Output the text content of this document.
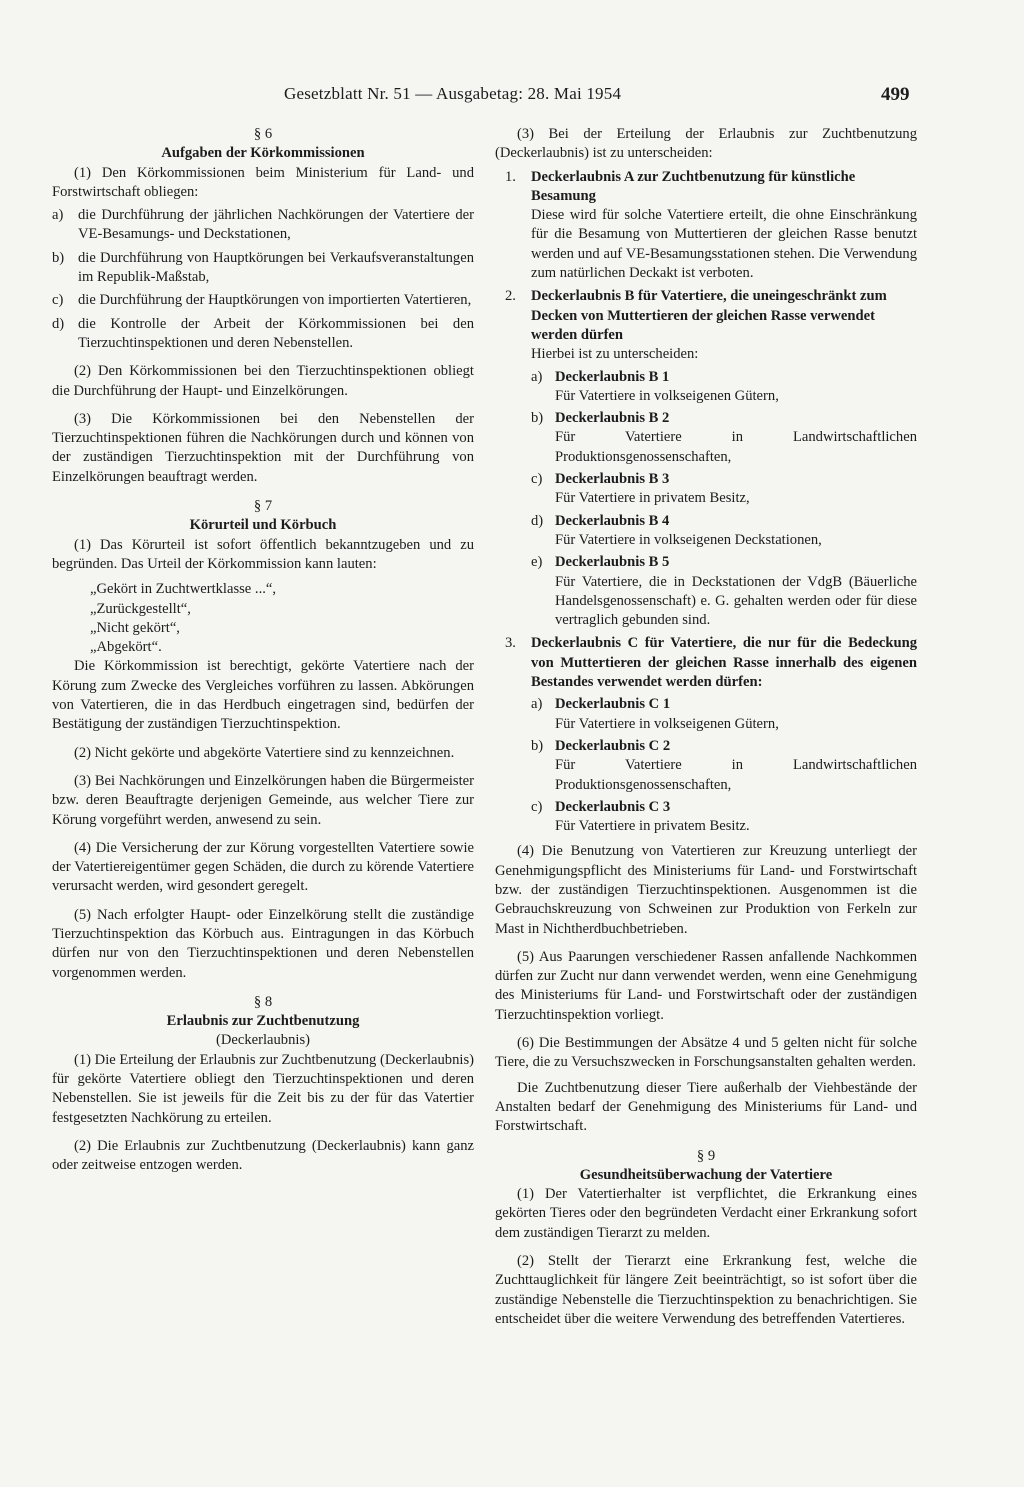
Gesetzblatt Nr. 51 — Ausgabetag: 28. Mai 1954	499
§ 6
Aufgaben der Körkommissionen

(1) Den Körkommissionen beim Ministerium für Land- und Forstwirtschaft obliegen:

a)	die Durchführung der jährlichen Nachkörungen der Vatertiere der VE-Besamungs- und Deckstationen,
b) die Durchführung von Hauptkörungen bei Verkaufsveranstaltungen im Republik-Maßstab,
c)	die Durchführung der Hauptkörungen von importierten Vatertieren,
d) die Kontrolle der Arbeit der Körkommissionen bei den Tierzuchtinspektionen und deren Nebenstellen.

(2) Den Körkommissionen bei den Tierzuchtinspektionen obliegt die Durchführung der Haupt- und Einzelkörungen.

(3) Die Körkommissionen bei den Nebenstellen der Tierzuchtinspektionen führen die Nachkörungen durch und können von der zuständigen Tierzuchtinspektion mit der Durchführung von Einzelkörungen beauftragt werden.

§ 7
Körurteil und Körbuch

(1) Das Körurteil ist sofort öffentlich bekanntzugeben und zu begründen. Das Urteil der Körkommission kann lauten:

„Gekört in Zuchtwertklasse ...“,
„Zurückgestellt“,
„Nicht gekört“,
„Abgekört“.

Die Körkommission ist berechtigt, gekörte Vatertiere nach der Körung zum Zwecke des Vergleiches vorführen zu lassen. Abkörungen von Vatertieren, die in das Herdbuch eingetragen sind, bedürfen der Bestätigung der zuständigen Tierzuchtinspektion.

(2) Nicht gekörte und abgekörte Vatertiere sind zu kennzeichnen.

(3) Bei Nachkörungen und Einzelkörungen haben die Bürgermeister bzw. deren Beauftragte derjenigen Gemeinde, aus welcher Tiere zur Körung vorgeführt werden, anwesend zu sein.

(4) Die Versicherung der zur Körung vorgestellten Vatertiere sowie der Vatertiereigentümer gegen Schäden, die durch zu körende Vatertiere verursacht werden, wird gesondert geregelt.

(5) Nach erfolgter Haupt- oder Einzelkörung stellt die zuständige Tierzuchtinspektion das Körbuch aus. Eintragungen in das Körbuch dürfen nur von den Tierzuchtinspektionen und deren Nebenstellen vorgenommen werden.

§ 8
Erlaubnis zur Zuchtbenutzung
(Deckerlaubnis)

(1) Die Erteilung der Erlaubnis zur Zuchtbenutzung (Deckerlaubnis) für gekörte Vatertiere obliegt den Tierzuchtinspektionen und deren Nebenstellen. Sie ist jeweils für die Zeit bis zu der für das Vatertier festgesetzten Nachkörung zu erteilen.

(2) Die Erlaubnis zur Zuchtbenutzung (Deckerlaubnis) kann ganz oder zeitweise entzogen werden.

(3) Bei der Erteilung der Erlaubnis zur Zuchtbenutzung (Deckerlaubnis) ist zu unterscheiden:

1.	Deckerlaubnis A zur Zuchtbenutzung für künstliche Besamung

Diese wird für solche Vatertiere erteilt, die ohne Einschränkung für die Besamung von Muttertieren der gleichen Rasse benutzt werden und auf VE-Besamungsstationen stehen. Die Verwendung zum natürlichen Deckakt ist verboten.

2.	Deckerlaubnis B für Vatertiere, die uneingeschränkt zum Decken von Muttertieren der gleichen Rasse verwendet werden dürfen
Hierbei ist zu unterscheiden:
a) Deckerlaubnis B 1
Für Vatertiere in volkseigenen Gütern,
b) Deckerlaubnis B 2

Für Vatertiere in Landwirtschaftlichen Produktionsgenossenschaften,

c) Deckerlaubnis B 3
Für Vatertiere in privatem Besitz,
d) Deckerlaubnis B 4
Für Vatertiere in volkseigenen Deckstationen,
e) Deckerlaubnis B 5

Für Vatertiere, die in Deckstationen der VdgB (Bäuerliche Handelsgenossenschaft) e. G. gehalten werden oder für diese vertraglich gebunden sind.

3.	Deckerlaubnis C für Vatertiere, die nur für die Bedeckung von Muttertieren der gleichen Rasse innerhalb des eigenen Bestandes verwendet werden dürfen:

a) Deckerlaubnis C 1
Für Vatertiere in volkseigenen Gütern,
b) Deckerlaubnis C 2

Für Vatertiere in Landwirtschaftlichen Produktionsgenossenschaften,

c) Deckerlaubnis C 3
Für Vatertiere in privatem Besitz.

(4) Die Benutzung von Vatertieren zur Kreuzung unterliegt der Genehmigungspflicht des Ministeriums für Land- und Forstwirtschaft bzw. der zuständigen Tierzuchtinspektionen. Ausgenommen ist die Gebrauchskreuzung von Schweinen zur Produktion von Ferkeln zur Mast in Nichtherdbuchbetrieben.

(5) Aus Paarungen verschiedener Rassen anfallende Nachkommen dürfen zur Zucht nur dann verwendet werden, wenn eine Genehmigung des Ministeriums für Land- und Forstwirtschaft oder der zuständigen Tierzuchtinspektion vorliegt.

(6) Die Bestimmungen der Absätze 4 und 5 gelten nicht für solche Tiere, die zu Versuchszwecken in Forschungsanstalten gehalten werden.

Die Zuchtbenutzung dieser Tiere außerhalb der Viehbestände der Anstalten bedarf der Genehmigung des Ministeriums für Land- und Forstwirtschaft.

§ 9
Gesundheitsüberwachung der Vatertiere

(1) Der Vatertierhalter ist verpflichtet, die Erkrankung eines gekörten Tieres oder den begründeten Verdacht einer Erkrankung sofort dem zuständigen Tierarzt zu melden.

(2) Stellt der Tierarzt eine Erkrankung fest, welche die Zuchttauglichkeit für längere Zeit beeinträchtigt, so ist sofort über die zuständige Nebenstelle die Tierzuchtinspektion zu benachrichtigen. Sie entscheidet über die weitere Verwendung des betreffenden Vatertieres.
